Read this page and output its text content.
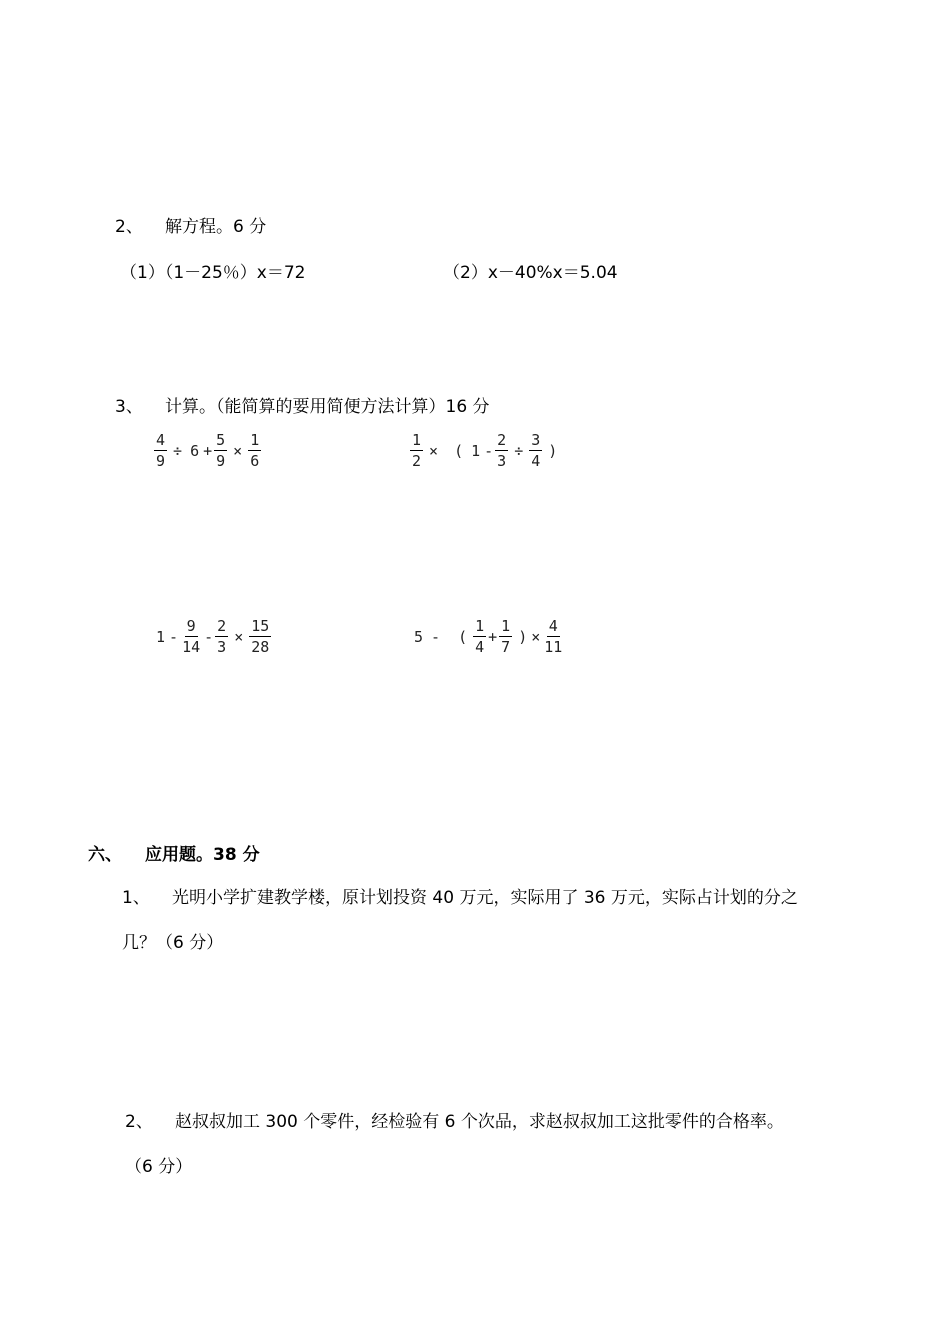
2、 解方程。6 分
（1）（1－25％）x＝72	（2）x－40%x＝5.04
3、 计算。（能简算的要用简便方法计算）16 分
$\frac{4}{9} \div 6 + \frac{5}{9} \times \frac{1}{6}$	$\frac{1}{2}$ × ( $1 - \frac{2}{3} \div \frac{3}{4}$ )
$1 - \frac{9}{14} - \frac{2}{3} \times \frac{15}{28}$	5 - ( $\frac{1}{4} + \frac{1}{7}$ ) × $\frac{4}{11}$
六、 应用题。38 分
1、 光明小学扩建教学楼，原计划投资 40 万元，实际用了 36 万元，实际占计划的分之
几？（6 分）
2、 赵叔叔加工 300 个零件，经检验有 6 个次品，求赵叔叔加工这批零件的合格率。
（6 分）
